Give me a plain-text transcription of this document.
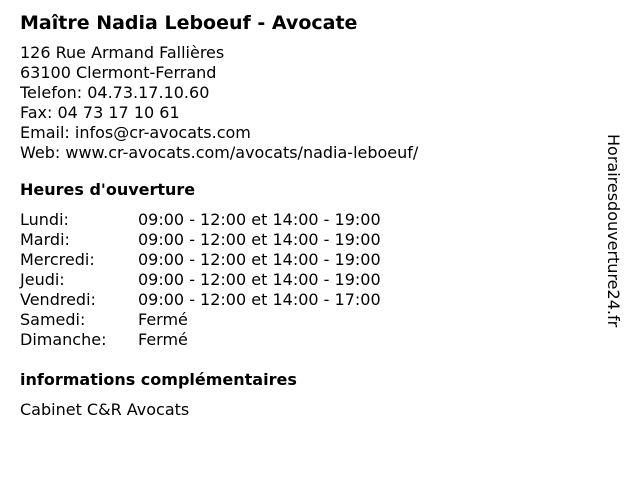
Maître Nadia Leboeuf - Avocate
126 Rue Armand Fallières
63100 Clermont-Ferrand
Telefon: 04.73.17.10.60
Fax: 04 73 17 10 61
Email: infos@cr-avocats.com
Web: www.cr-avocats.com/avocats/nadia-leboeuf/
Heures d'ouverture
Lundi:	09:00 - 12:00 et 14:00 - 19:00
Mardi:	09:00 - 12:00 et 14:00 - 19:00
Mercredi:	09:00 - 12:00 et 14:00 - 19:00
Jeudi:	09:00 - 12:00 et 14:00 - 19:00
Vendredi:	09:00 - 12:00 et 14:00 - 17:00
Samedi:	Fermé
Dimanche: Fermé
informations complémentaires
Cabinet C&R Avocats
Horairesdouverture24.fr
